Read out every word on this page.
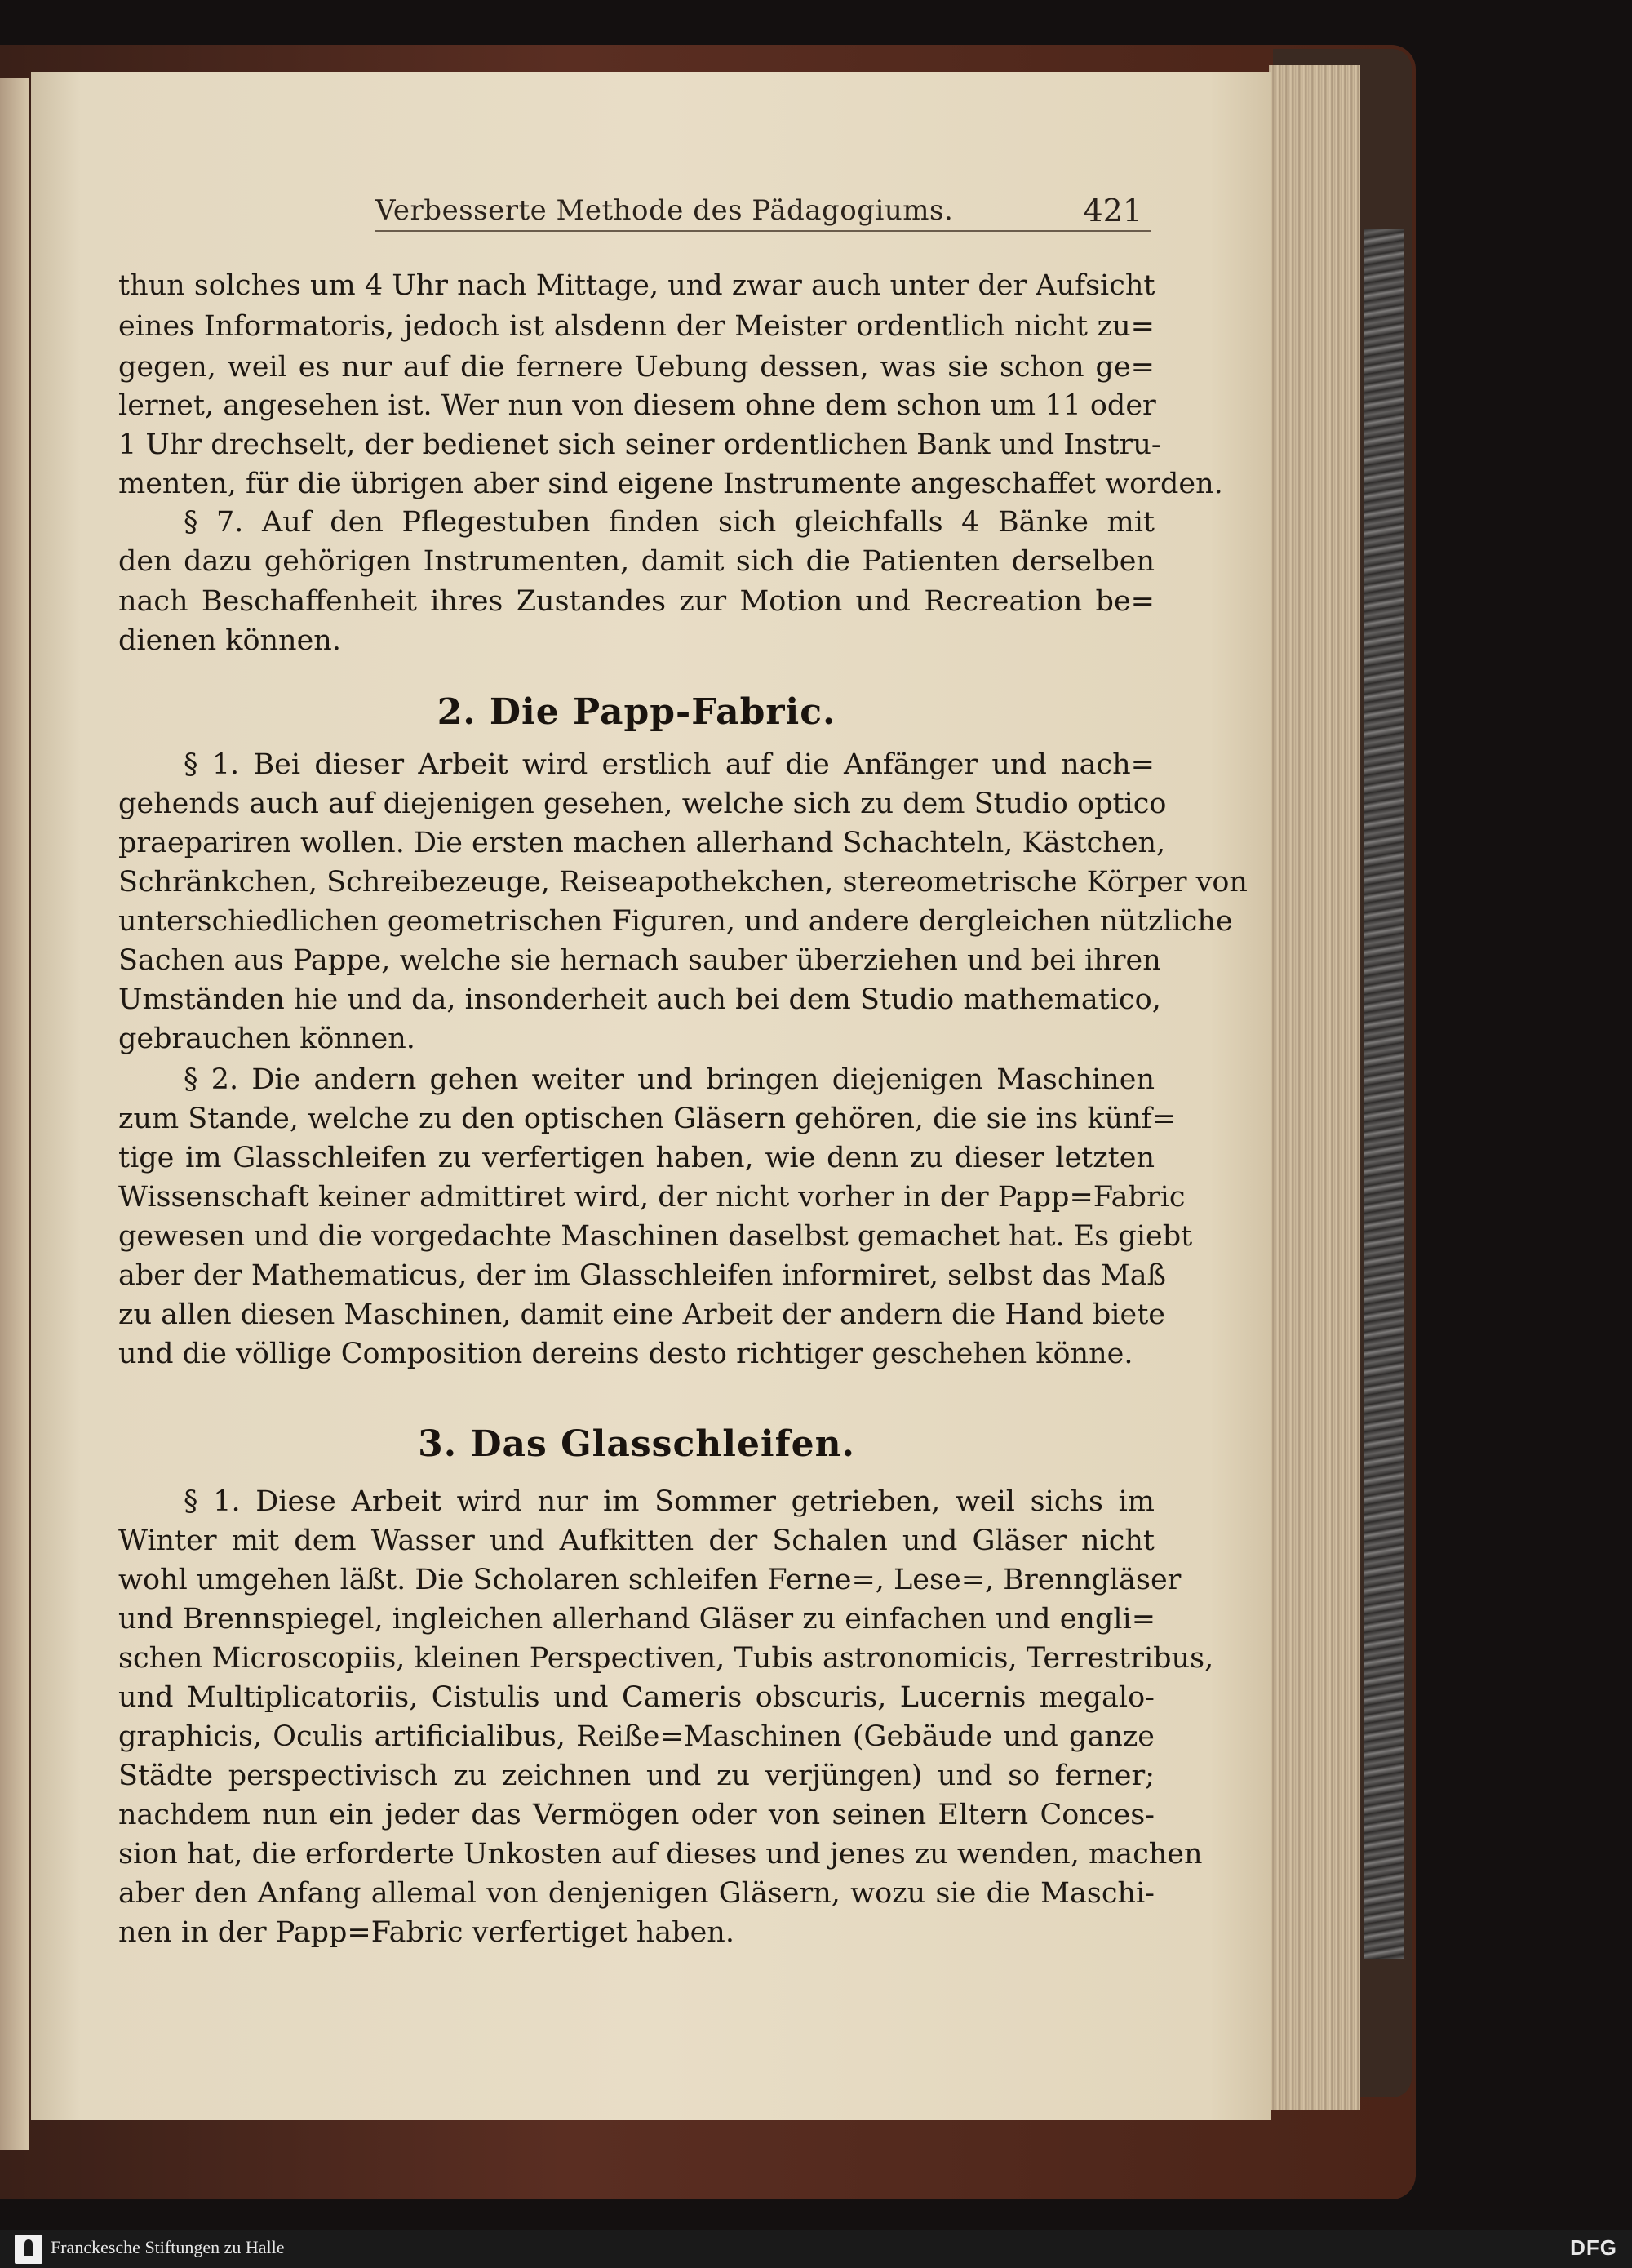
Verbesserte Methode des Pädagogiums.	421
thun solches um 4 Uhr nach Mittage, und zwar auch unter der Aufsicht
eines Informatoris, jedoch ist alsdenn der Meister ordentlich nicht zu=
gegen, weil es nur auf die fernere Uebung dessen, was sie schon ge=
lernet, angesehen ist. Wer nun von diesem ohne dem schon um 11 oder
1 Uhr drechselt, der bedienet sich seiner ordentlichen Bank und Instru-
menten, für die übrigen aber sind eigene Instrumente angeschaffet worden.
§ 7. Auf den Pflegestuben finden sich gleichfalls 4 Bänke mit
den dazu gehörigen Instrumenten, damit sich die Patienten derselben
nach Beschaffenheit ihres Zustandes zur Motion und Recreation be=
dienen können.
2. Die Papp-Fabric.
§ 1. Bei dieser Arbeit wird erstlich auf die Anfänger und nach=
gehends auch auf diejenigen gesehen, welche sich zu dem Studio optico
praepariren wollen. Die ersten machen allerhand Schachteln, Kästchen,
Schränkchen, Schreibezeuge, Reiseapothekchen, stereometrische Körper von
unterschiedlichen geometrischen Figuren, und andere dergleichen nützliche
Sachen aus Pappe, welche sie hernach sauber überziehen und bei ihren
Umständen hie und da, insonderheit auch bei dem Studio mathematico,
gebrauchen können.
§ 2. Die andern gehen weiter und bringen diejenigen Maschinen
zum Stande, welche zu den optischen Gläsern gehören, die sie ins künf=
tige im Glasschleifen zu verfertigen haben, wie denn zu dieser letzten
Wissenschaft keiner admittiret wird, der nicht vorher in der Papp=Fabric
gewesen und die vorgedachte Maschinen daselbst gemachet hat. Es giebt
aber der Mathematicus, der im Glasschleifen informiret, selbst das Maß
zu allen diesen Maschinen, damit eine Arbeit der andern die Hand biete
und die völlige Composition dereins desto richtiger geschehen könne.
3. Das Glasschleifen.
§ 1. Diese Arbeit wird nur im Sommer getrieben, weil sichs im
Winter mit dem Wasser und Aufkitten der Schalen und Gläser nicht
wohl umgehen läßt. Die Scholaren schleifen Ferne=, Lese=, Brenngläser
und Brennspiegel, ingleichen allerhand Gläser zu einfachen und engli=
schen Microscopiis, kleinen Perspectiven, Tubis astronomicis, Terrestribus,
und Multiplicatoriis, Cistulis und Cameris obscuris, Lucernis megalo-
graphicis, Oculis artificialibus, Reiße=Maschinen (Gebäude und ganze
Städte perspectivisch zu zeichnen und zu verjüngen) und so ferner;
nachdem nun ein jeder das Vermögen oder von seinen Eltern Conces-
sion hat, die erforderte Unkosten auf dieses und jenes zu wenden, machen
aber den Anfang allemal von denjenigen Gläsern, wozu sie die Maschi-
nen in der Papp=Fabric verfertiget haben.
Franckesche Stiftungen zu Halle	DFG
